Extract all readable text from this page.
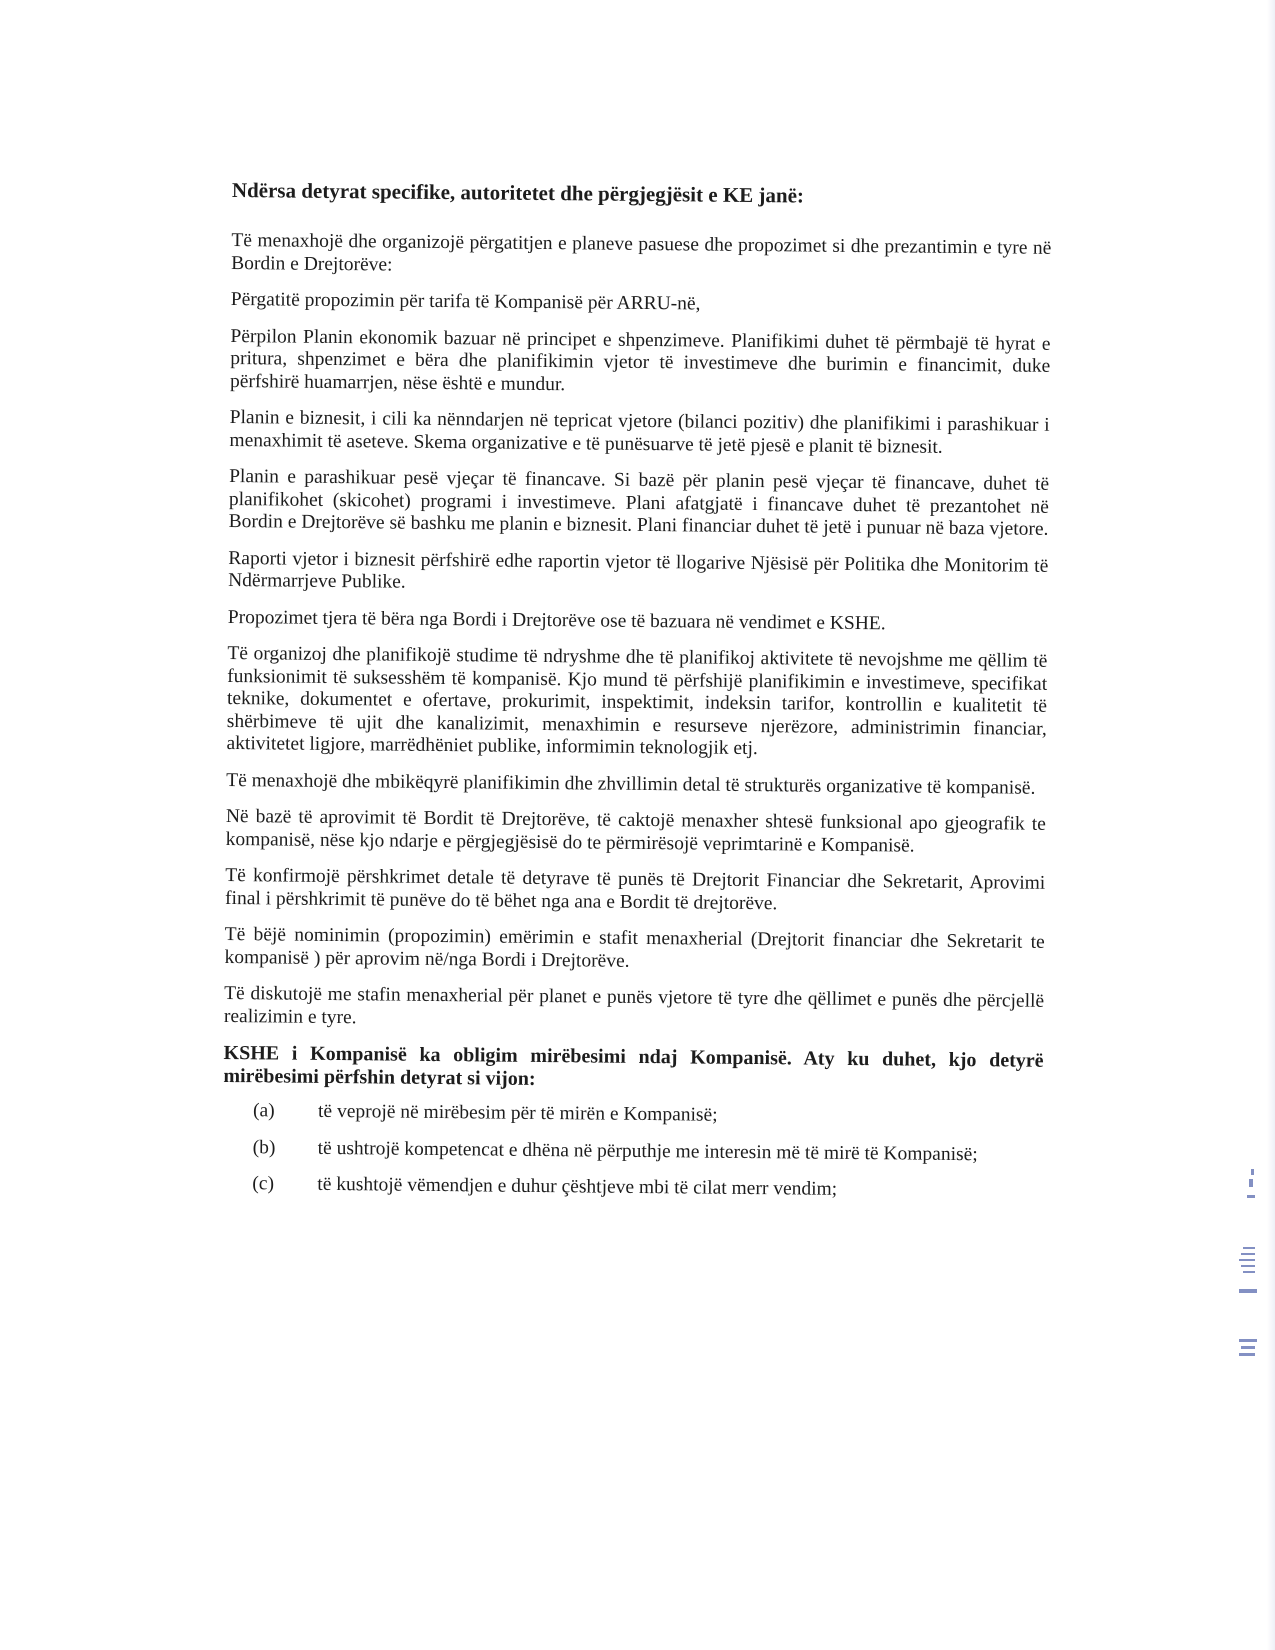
Ndërsa detyrat specifike, autoritetet dhe përgjegjësit e KE janë:

Të menaxhojë dhe organizojë përgatitjen e planeve pasuese dhe propozimet si dhe prezantimin e tyre në Bordin e Drejtorëve:

Përgatitë propozimin për tarifa të Kompanisë për ARRU-në,

Përpilon Planin ekonomik bazuar në principet e shpenzimeve. Planifikimi duhet të përmbajë të hyrat e pritura, shpenzimet e bëra dhe planifikimin vjetor të investimeve dhe burimin e financimit, duke përfshirë huamarrjen, nëse është e mundur.

Planin e biznesit, i cili ka nënndarjen në tepricat vjetore (bilanci pozitiv) dhe planifikimi i parashikuar i menaxhimit të aseteve. Skema organizative e të punësuarve të jetë pjesë e planit të biznesit.

Planin e parashikuar pesë vjeçar të financave. Si bazë për planin pesë vjeçar të financave, duhet të planifikohet (skicohet) programi i investimeve. Plani afatgjatë i financave duhet të prezantohet në Bordin e Drejtorëve së bashku me planin e biznesit. Plani financiar duhet të jetë i punuar në baza vjetore.

Raporti vjetor i biznesit përfshirë edhe raportin vjetor të llogarive Njësisë për Politika dhe Monitorim të Ndërmarrjeve Publike.

Propozimet tjera të bëra nga Bordi i Drejtorëve ose të bazuara në vendimet e KSHE.

Të organizoj dhe planifikojë studime të ndryshme dhe të planifikoj aktivitete të nevojshme me qëllim të funksionimit të suksesshëm të kompanisë. Kjo mund të përfshijë planifikimin e investimeve, specifikat teknike, dokumentet e ofertave, prokurimit, inspektimit, indeksin tarifor, kontrollin e kualitetit të shërbimeve të ujit dhe kanalizimit, menaxhimin e resurseve njerëzore, administrimin financiar, aktivitetet ligjore, marrëdhëniet publike, informimin teknologjik etj.

Të menaxhojë dhe mbikëqyrë planifikimin dhe zhvillimin detal të strukturës organizative të kompanisë.

Në bazë të aprovimit të Bordit të Drejtorëve, të caktojë menaxher shtesë funksional apo gjeografik te kompanisë, nëse kjo ndarje e përgjegjësisë do te përmirësojë veprimtarinë e Kompanisë.

Të konfirmojë përshkrimet detale të detyrave të punës të Drejtorit Financiar dhe Sekretarit, Aprovimi final i përshkrimit të punëve do të bëhet nga ana e Bordit të drejtorëve.

Të bëjë nominimin (propozimin) emërimin e stafit menaxherial (Drejtorit financiar dhe Sekretarit te kompanisë ) për aprovim në/nga Bordi i Drejtorëve.

Të diskutojë me stafin menaxherial për planet e punës vjetore të tyre dhe qëllimet e punës dhe përcjellë realizimin e tyre.

KSHE i Kompanisë ka obligim mirëbesimi ndaj Kompanisë. Aty ku duhet, kjo detyrë mirëbesimi përfshin detyrat si vijon:

(a)	të veprojë në mirëbesim për të mirën e Kompanisë;
(b)	të ushtrojë kompetencat e dhëna në përputhje me interesin më të mirë të Kompanisë;
(c)	të kushtojë vëmendjen e duhur çështjeve mbi të cilat merr vendim;
